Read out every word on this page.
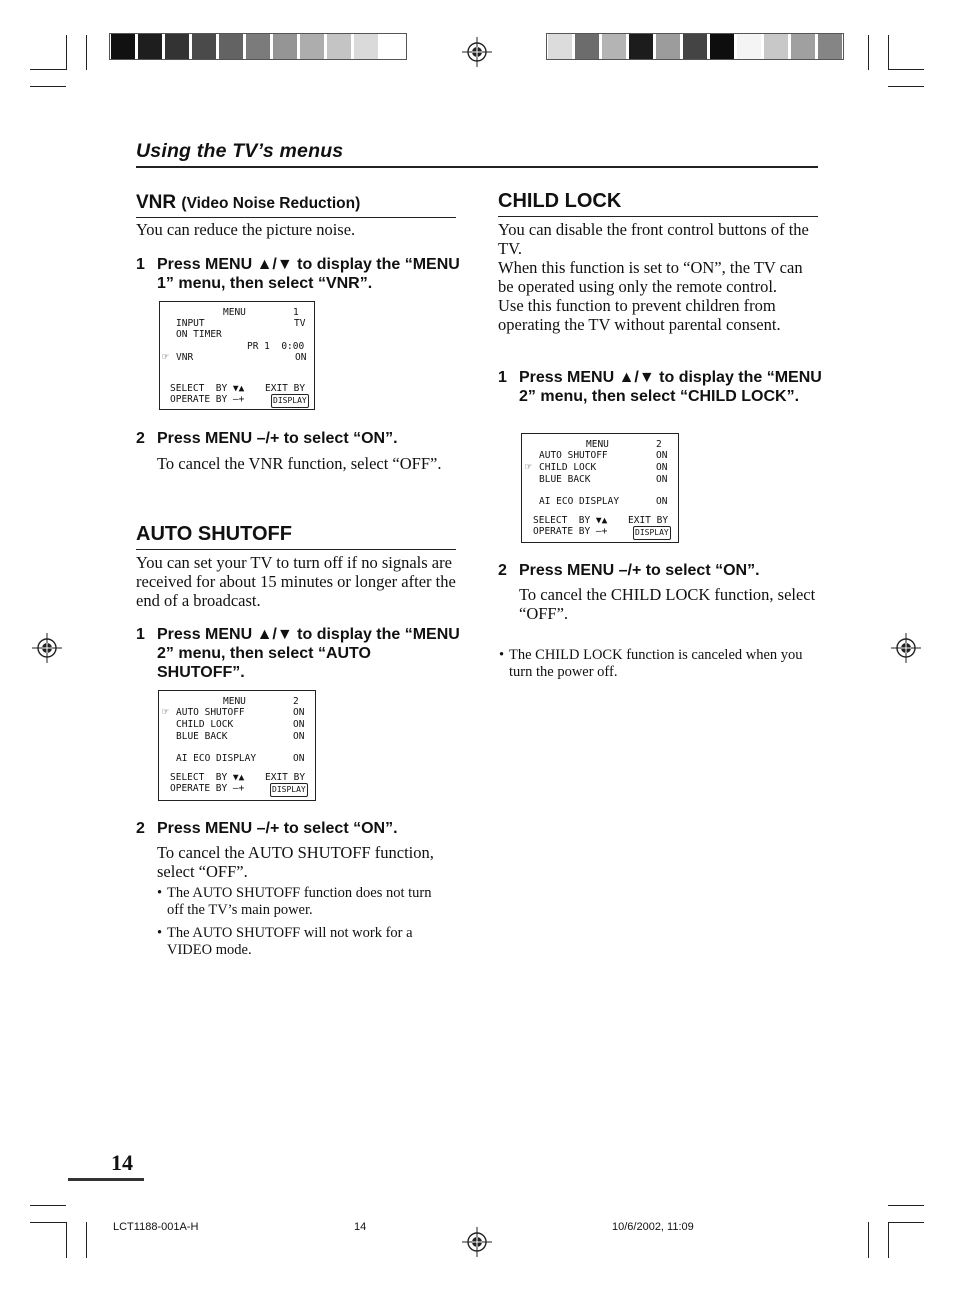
Using the TV’s menus
VNR (Video Noise Reduction)
You can reduce the picture noise.
1 Press MENU ▲/▼ to display the “MENU 1” menu, then select “VNR”.
MENU	1
INPUT	TV
ON TIMER
PR 1  0:00
☞ VNR	ON
SELECT  BY ▼▲ EXIT BY
OPERATE BY –+	DISPLAY
2 Press MENU –/+ to select “ON”.
To cancel the VNR function, select “OFF”.
AUTO SHUTOFF
You can set your TV to turn off if no signals are received for about 15 minutes or longer after the end of a broadcast.
1 Press MENU ▲/▼ to display the “MENU 2” menu, then select “AUTO SHUTOFF”.
MENU	2
☞ AUTO SHUTOFF	ON
CHILD LOCK	ON
BLUE BACK	ON
AI ECO DISPLAY	ON
SELECT  BY ▼▲ EXIT BY
OPERATE BY –+	DISPLAY
2 Press MENU –/+ to select “ON”.
To cancel the AUTO SHUTOFF function, select “OFF”.
• The AUTO SHUTOFF function does not turn off the TV’s main power.
• The AUTO SHUTOFF will not work for a VIDEO mode.
CHILD LOCK
You can disable the front control buttons of the TV.
When this function is set to “ON”, the TV can be operated using only the remote control.
Use this function to prevent children from operating the TV without parental consent.
1 Press MENU ▲/▼ to display the “MENU 2” menu, then select “CHILD LOCK”.
MENU	2
AUTO SHUTOFF	ON
☞ CHILD LOCK	ON
BLUE BACK	ON
AI ECO DISPLAY	ON
SELECT  BY ▼▲ EXIT BY
OPERATE BY –+	DISPLAY
2 Press MENU –/+ to select “ON”.
To cancel the CHILD LOCK function, select “OFF”.
• The CHILD LOCK function is canceled when you turn the power off.
14
LCT1188-001A-H	14	10/6/2002, 11:09
